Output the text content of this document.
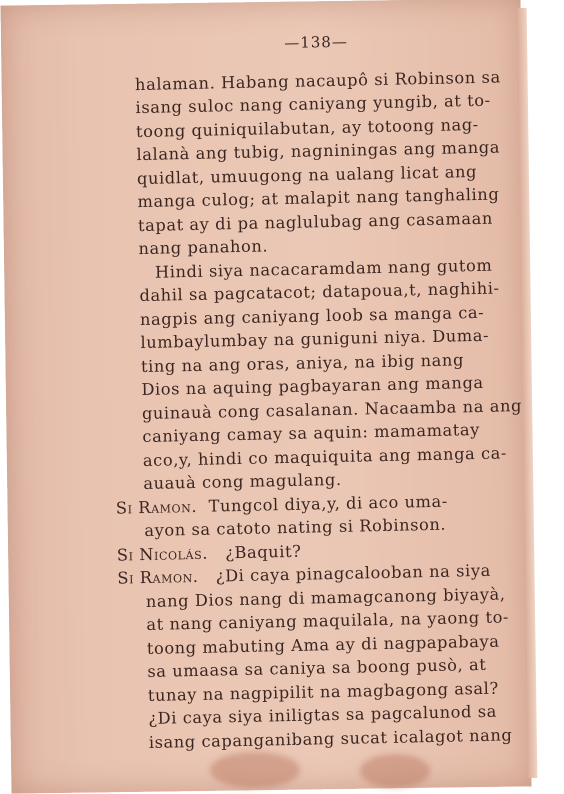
—138—
halaman. Habang nacaupô si Robinson sa
isang suloc nang caniyang yungib, at to-
toong quiniquilabutan, ay totoong nag-
lalanà ang tubig, nagniningas ang manga
quidlat, umuugong na ualang licat ang
manga culog; at malapit nang tanghaling
tapat ay di pa naglulubag ang casamaan
nang panahon.
Hindi siya nacacaramdam nang gutom
dahil sa pagcatacot; datapoua,t, naghihi-
nagpis ang caniyang loob sa manga ca-
lumbaylumbay na guniguni niya. Duma-
ting na ang oras, aniya, na ibig nang
Dios na aquing pagbayaran ang manga
guinauà cong casalanan. Nacaamba na ang
caniyang camay sa aquin: mamamatay
aco,y, hindi co maquiquita ang manga ca-
auauà cong magulang.
Si Ramon. Tungcol diya,y, di aco uma-
ayon sa catoto nating si Robinson.
Si Nicolás. ¿Baquit?
Si Ramon. ¿Di caya pinagcalooban na siya
nang Dios nang di mamagcanong biyayà,
at nang caniyang maquilala, na yaong to-
toong mabuting Ama ay di nagpapabaya
sa umaasa sa caniya sa boong pusò, at
tunay na nagpipilit na magbagong asal?
¿Di caya siya iniligtas sa pagcalunod sa
isang capanganibang sucat icalagot nang
